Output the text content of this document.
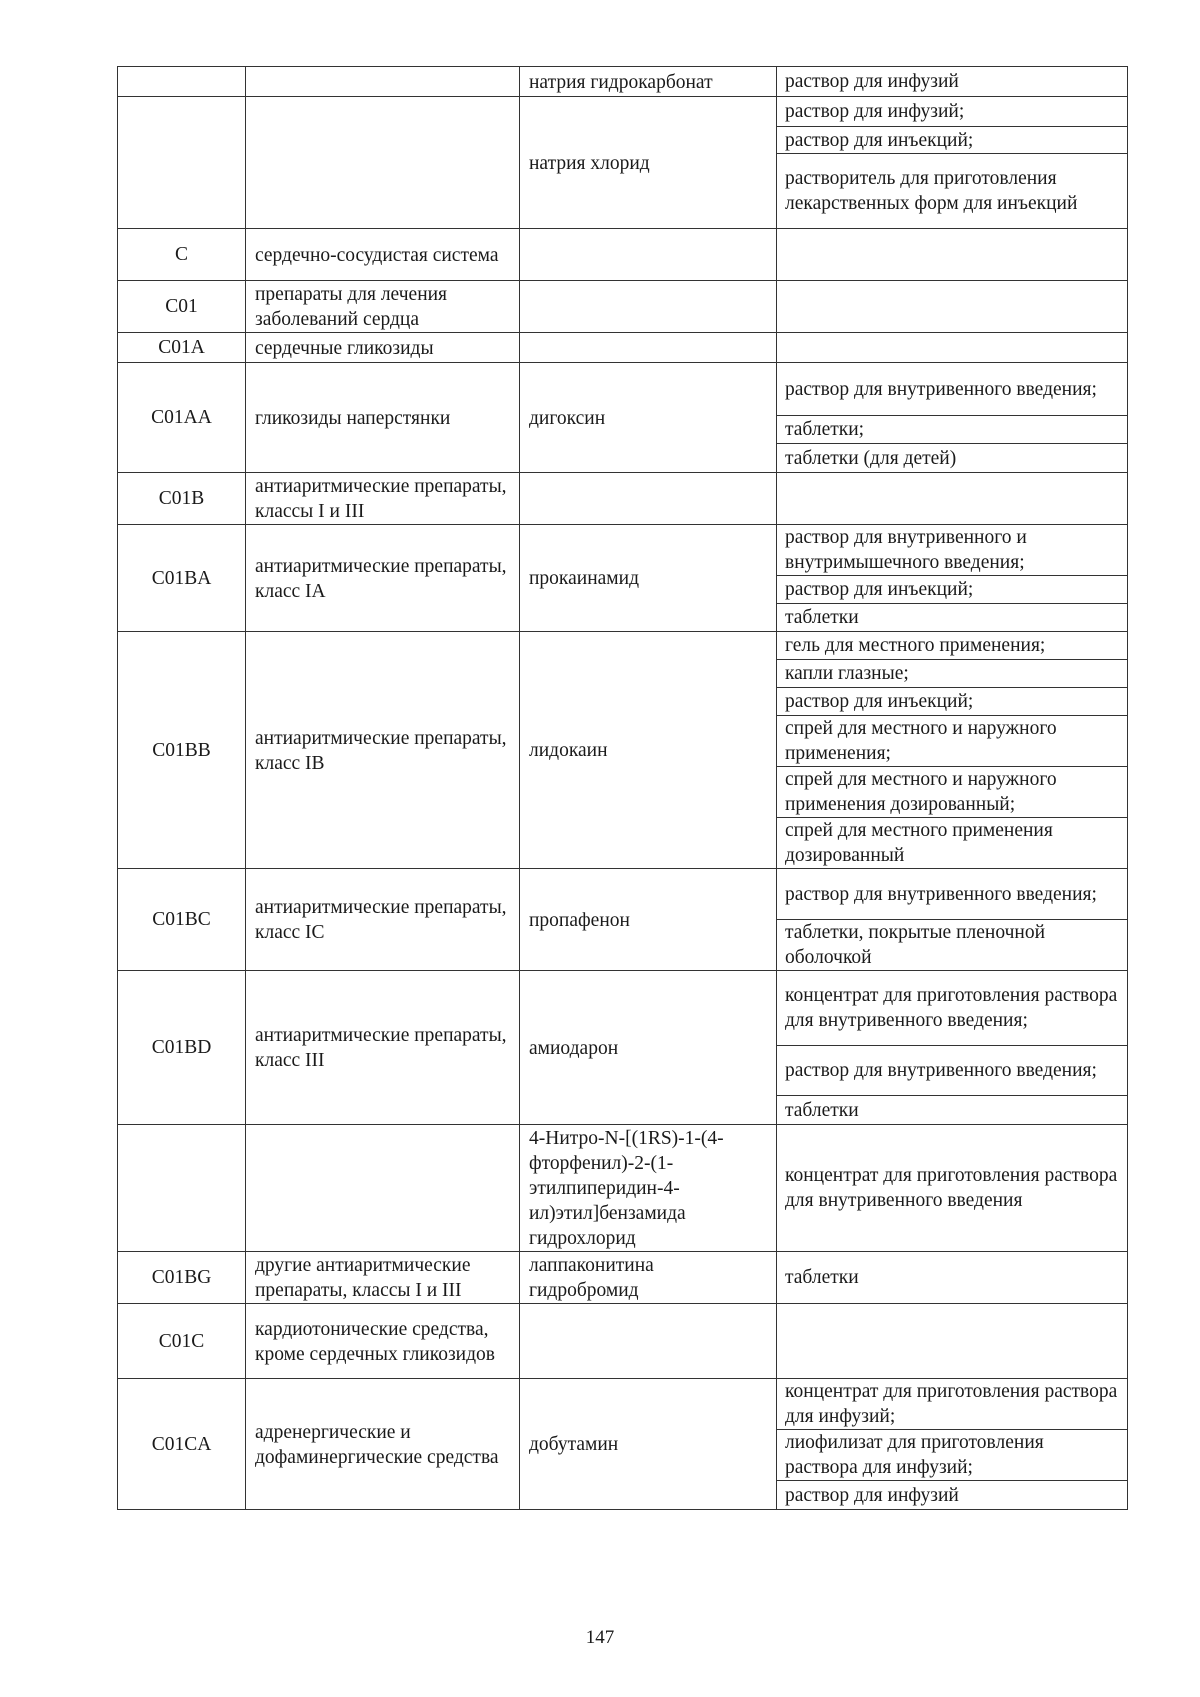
		натрия гидрокарбонат	раствор для инфузий
		натрия хлорид	раствор для инфузий;
			раствор для инъекций;
			растворитель для приготовления лекарственных форм для инъекций
C	сердечно-сосудистая система		
C01	препараты для лечения заболеваний сердца		
C01A	сердечные гликозиды		
C01AA	гликозиды наперстянки	дигоксин	раствор для внутривенного введения;
			таблетки;
			таблетки (для детей)
C01B	антиаритмические препараты, классы I и III		
C01BA	антиаритмические препараты, класс IA	прокаинамид	раствор для внутривенного и внутримышечного введения;
			раствор для инъекций;
			таблетки
C01BB	антиаритмические препараты, класс IB	лидокаин	гель для местного применения;
			капли глазные;
			раствор для инъекций;
			спрей для местного и наружного применения;
			спрей для местного и наружного применения дозированный;
			спрей для местного применения дозированный
C01BC	антиаритмические препараты, класс IC	пропафенон	раствор для внутривенного введения;
			таблетки, покрытые пленочной оболочкой
C01BD	антиаритмические препараты, класс III	амиодарон	концентрат для приготовления раствора для внутривенного введения;
			раствор для внутривенного введения;
			таблетки
		4-Нитро-N-[(1RS)-1-(4-фторфенил)-2-(1-этилпиперидин-4-ил)этил]бензамида гидрохлорид	концентрат для приготовления раствора для внутривенного введения
C01BG	другие антиаритмические препараты, классы I и III	лаппаконитина гидробромид	таблетки
C01C	кардиотонические средства, кроме сердечных гликозидов		
C01CA	адренергические и дофаминергические средства	добутамин	концентрат для приготовления раствора для инфузий;
			лиофилизат для приготовления раствора для инфузий;
			раствор для инфузий
147
